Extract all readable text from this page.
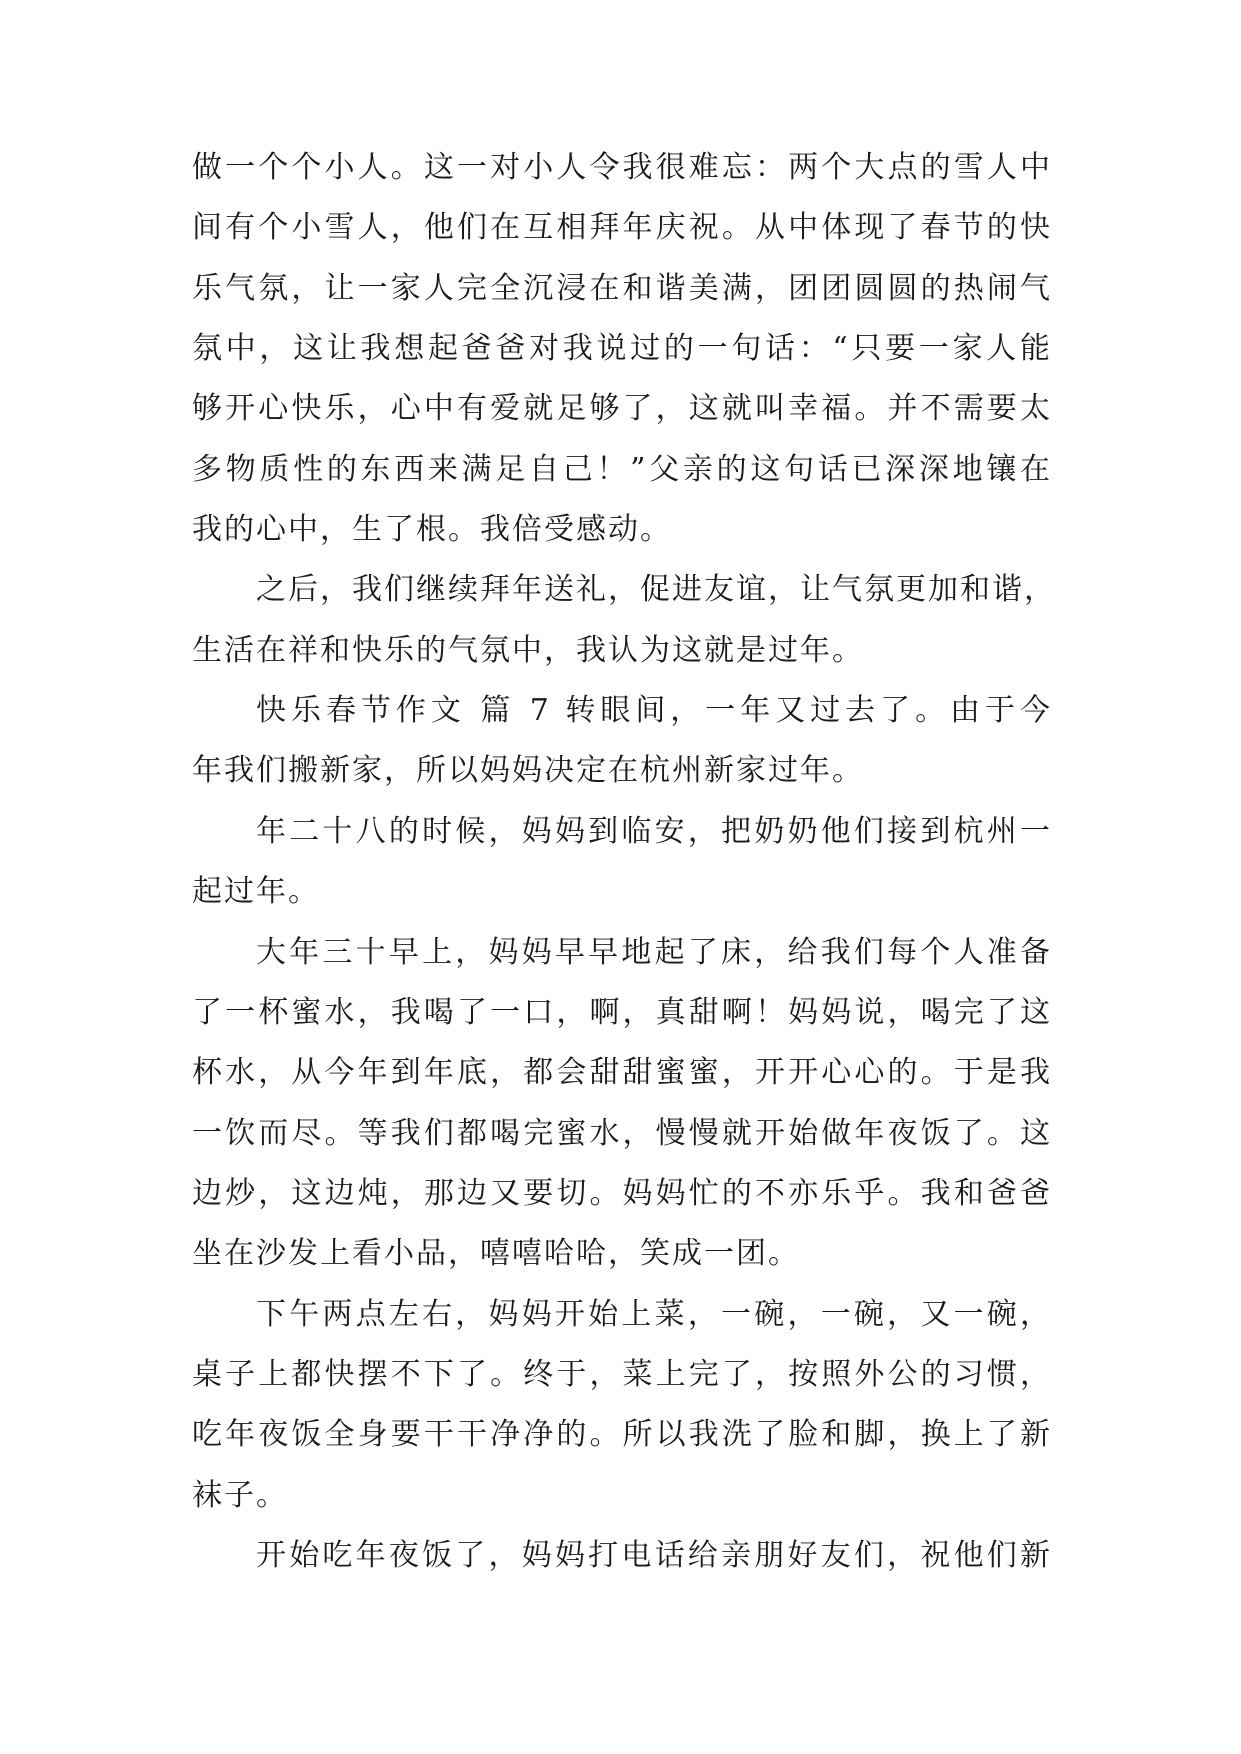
做一个个小人。这一对小人令我很难忘：两个大点的雪人中
间有个小雪人，他们在互相拜年庆祝。从中体现了春节的快
乐气氛，让一家人完全沉浸在和谐美满，团团圆圆的热闹气
氛中，这让我想起爸爸对我说过的一句话：“只要一家人能
够开心快乐，心中有爱就足够了，这就叫幸福。并不需要太
多物质性的东西来满足自己！”父亲的这句话已深深地镶在
我的心中，生了根。我倍受感动。
之后，我们继续拜年送礼，促进友谊，让气氛更加和谐，
生活在祥和快乐的气氛中，我认为这就是过年。
快乐春节作文 篇 7 转眼间，一年又过去了。由于今
年我们搬新家，所以妈妈决定在杭州新家过年。
年二十八的时候，妈妈到临安，把奶奶他们接到杭州一
起过年。
大年三十早上，妈妈早早地起了床，给我们每个人准备
了一杯蜜水，我喝了一口，啊，真甜啊！妈妈说，喝完了这
杯水，从今年到年底，都会甜甜蜜蜜，开开心心的。于是我
一饮而尽。等我们都喝完蜜水，慢慢就开始做年夜饭了。这
边炒，这边炖，那边又要切。妈妈忙的不亦乐乎。我和爸爸
坐在沙发上看小品，嘻嘻哈哈，笑成一团。
下午两点左右，妈妈开始上菜，一碗，一碗，又一碗，
桌子上都快摆不下了。终于，菜上完了，按照外公的习惯，
吃年夜饭全身要干干净净的。所以我洗了脸和脚，换上了新
袜子。
开始吃年夜饭了，妈妈打电话给亲朋好友们，祝他们新
